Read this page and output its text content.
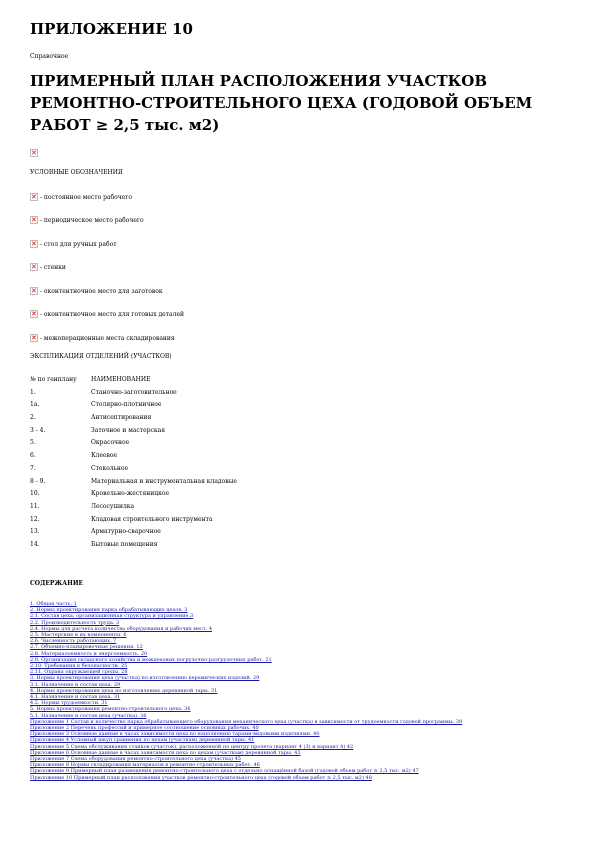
ПРИЛОЖЕНИЕ 10
Справочное
ПРИМЕРНЫЙ ПЛАН РАСПОЛОЖЕНИЯ УЧАСТКОВ РЕМОНТНО-СТРОИТЕЛЬНОГО ЦЕХА (ГОДОВОЙ ОБЪЕМ РАБОТ ≥ 2,5 тыс. м2)
✕
УСЛОВНЫЕ ОБОЗНАЧЕНИЯ
✕
- постоянное место рабочего
✕
- периодическое место рабочего
✕
- стол для ручных работ
✕
- стенки
✕
- оконтентночное место для заготовок
✕
- оконтентночное место для готовых деталей
✕
- межоперационные места складирования
ЭКСПЛИКАЦИЯ ОТДЕЛЕНИЙ (УЧАСТКОВ)
№ по генплану	НАИМЕНОВАНИЕ
1.	Станочно-заготовительное
1а.	Столярно-плотничное
2.	Антисептирования
3 - 4.	Заточное и мастерская
5.	Окрасочное
6.	Клеевое
7.	Стекольное
8 - 9.	Материальная и инструментальная кладовые
10.	Кровельно-жестяницкое
11.	Лесосушилка
12.	Кладовая строительного инструмента
13.	Арматурно-сварочное
14.	Бытовые помещения
СОДЕРЖАНИЕ
1. Общая часть. 1
2. Нормы проектирования парка обрабатывающих цехов. 3
2.1. Состав цеха, организационная структура и управление.3
2.2. Производительность труда. 3
2.4. Нормы для расчета количества оборудования и рабочих мест. 4
2.5. Мастерские и их компоненты. 6
2.6. Численность работающих. 7
2.7. Объемно-планировочные решения. 12
2.8. Материалоемкость и энергоемкость. 20
2.9. Организация складского хозяйства и межцеховых погрузочно-разгрузочных работ. 21
2.10. Требования к безопасности. 25
2.11. Охрана окружающей среды. 28
3. Нормы проектирования цеха (участка) по изготовлению керамических изделий. 29
3.1. Назначение и состав цеха. 29
4. Нормы проектирования цеха по изготовлению деревянной тары. 31
4.1. Назначение и состав цеха. 31
4.2. Нормы трудоемкости. 31
5. Нормы проектирования ремонтно-строительного цеха. 36
5.1. Назначение и состав цеха (участка). 36
Приложение 1 Состав и количество парка обрабатывающего оборудования механического цеха (участка) в зависимости от трудоемкости годовой программы. 39
Приложение 2 Перечень профессий и примерное соотношение основных рабочих. 40
Приложение 3 Основные данные в часах зависимости цеха по наполнению тарами-видовыми изделиями. 40
Приложение 4 Условный шкуп сравнения по цехам (участкам) деревянной тары. 41
Приложение 5 Схема обслуживания станков (участок), расположенной по центру пролета (вариант 4 (3) и вариант 4) 42
Приложение 6 Основные данные в часах зависимости цеха по цехам (участкам) деревянной тары. 43
Приложение 7 Схема оборудования ремонтно-строительного цеха (участка) 45
Приложение 8 Нормы складирования материалов в ремонтно-строительных работ. 46
Приложение 9 Примерный план размещения ремонтно-строительного цеха с отдельно оснащённой базой (годовой объем работ ≥ 2,5 тыс. м2) 47
Приложение 10 Примерный план расположения участков ремонтно-строительного цеха (годовой объем работ ≥ 2,5 тыс. м2) 48
